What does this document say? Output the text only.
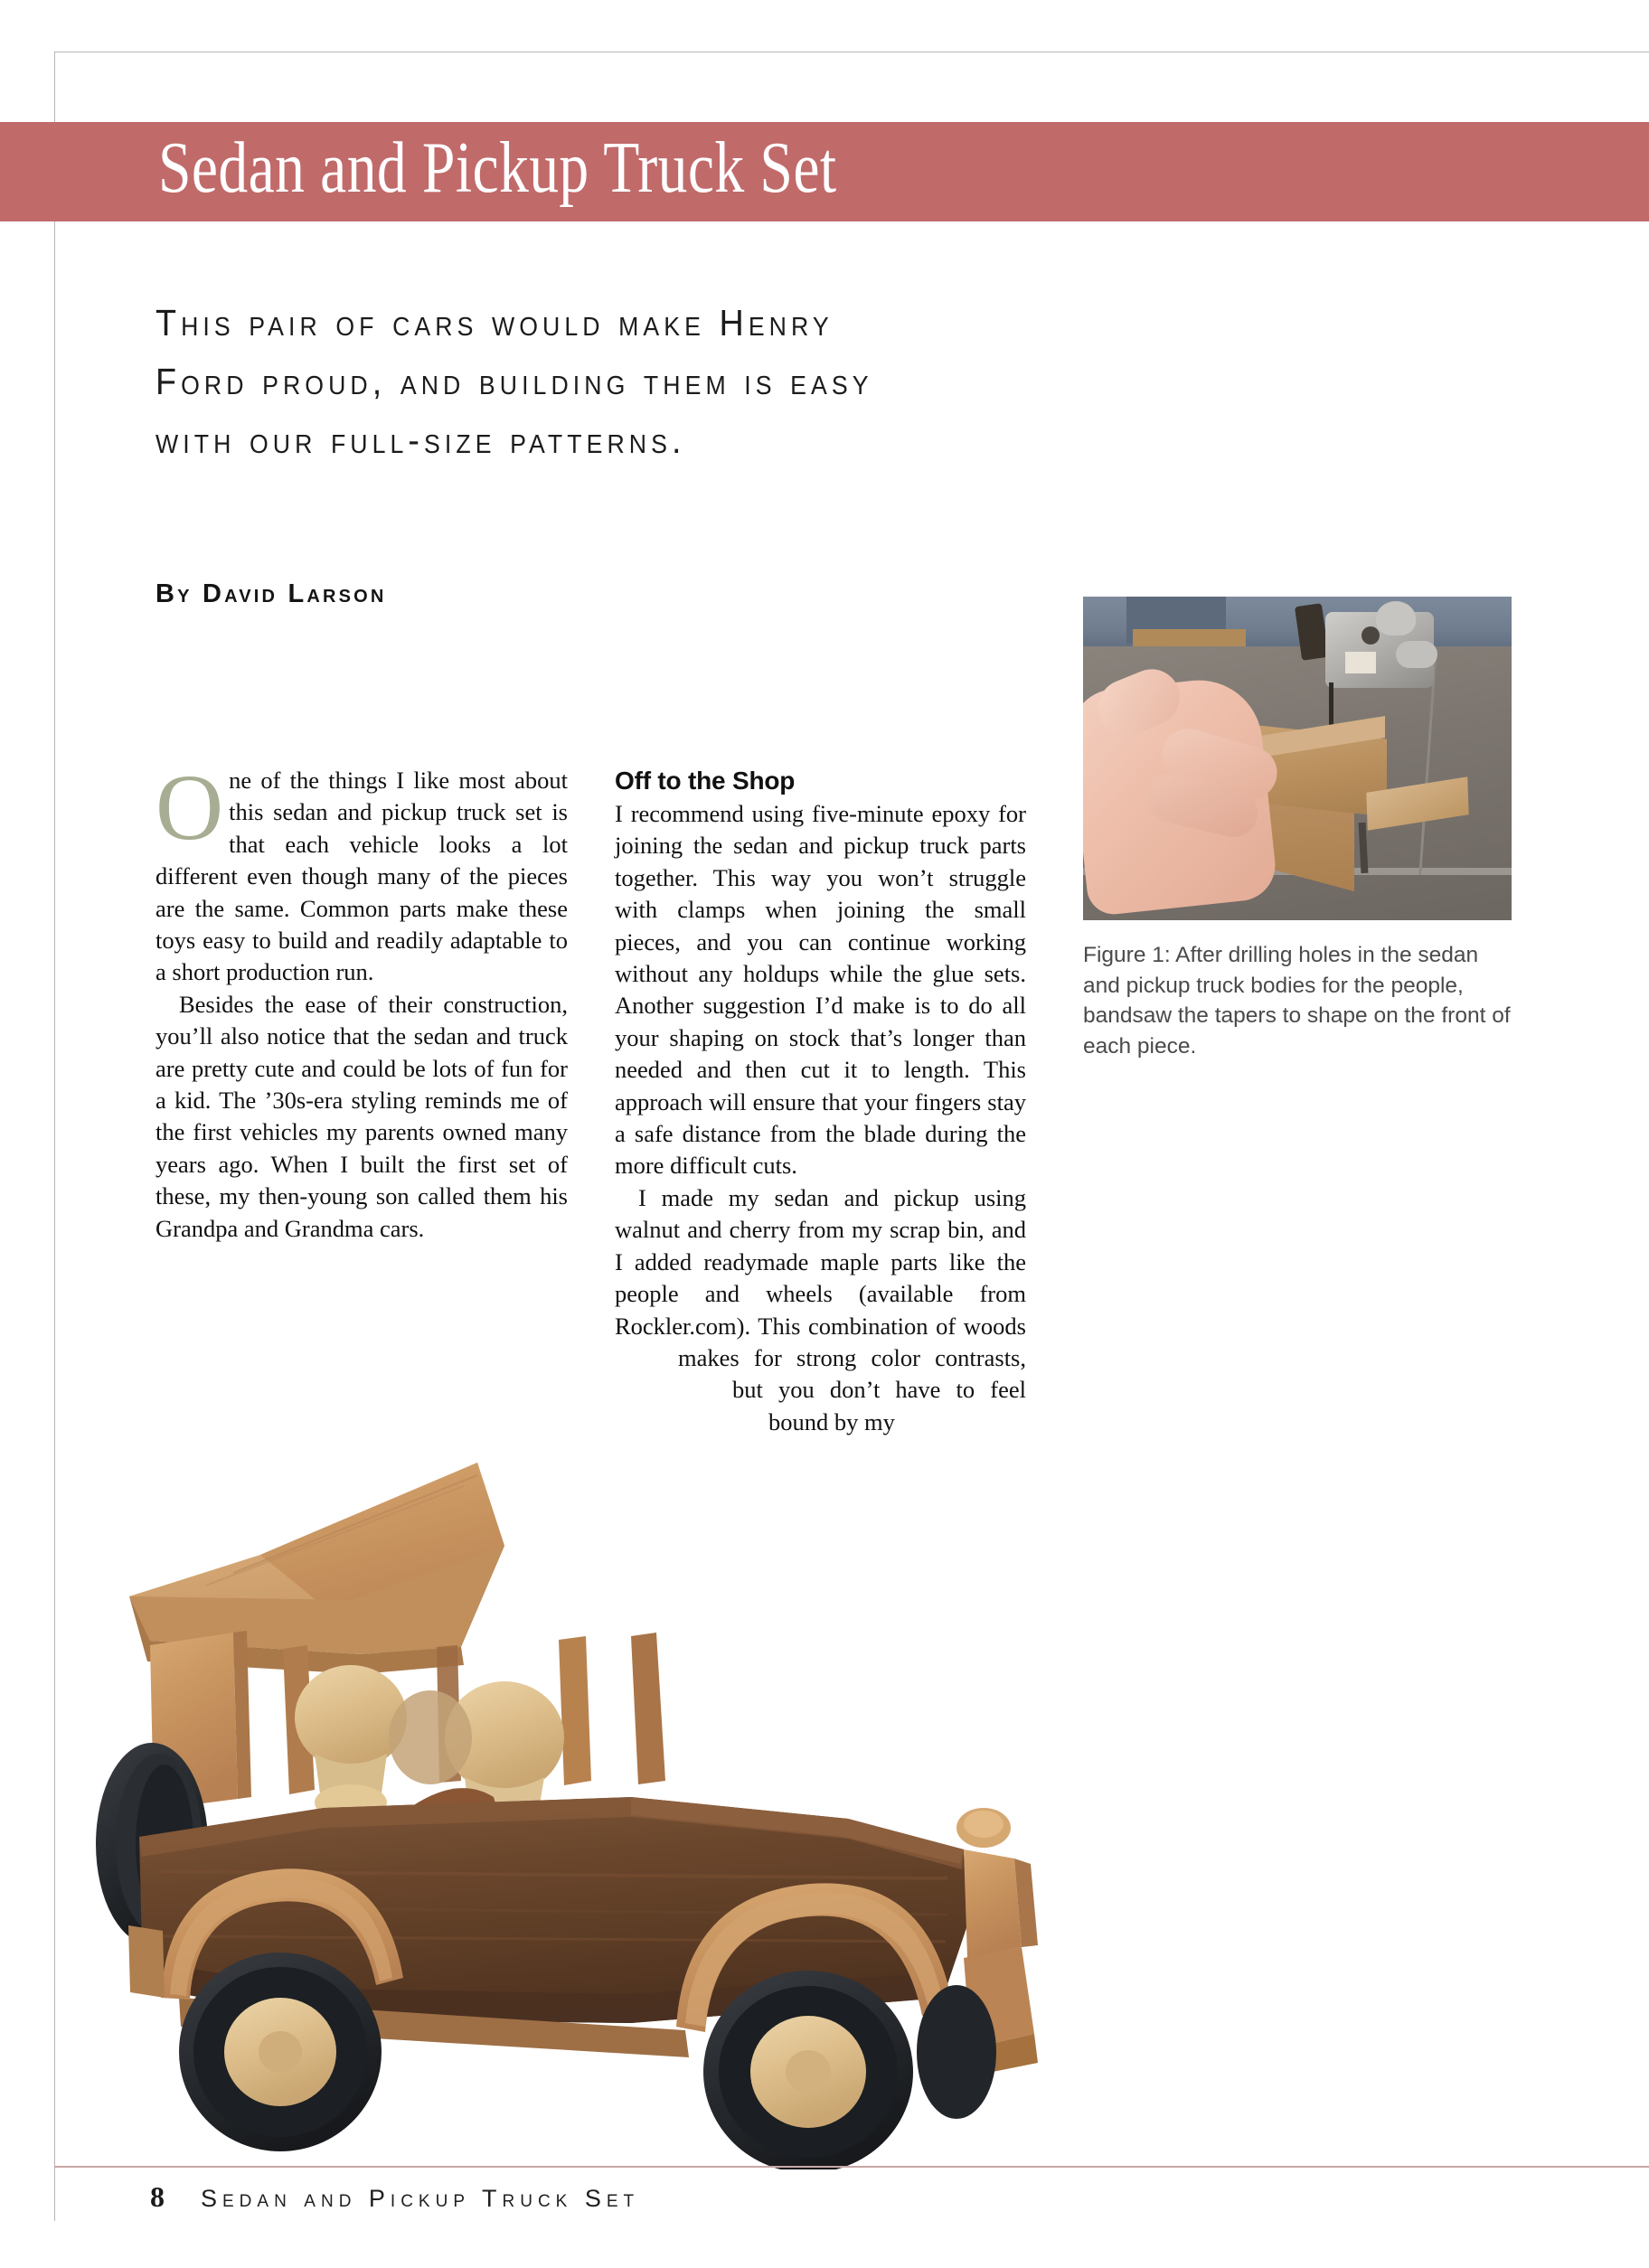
Sedan and Pickup Truck Set
This pair of cars would make Henry
Ford proud, and building them is easy
with our full-size patterns.
By David Larson

One of the things I like most about this sedan and pickup truck set is that each vehicle looks a lot different even though many of the pieces are the same. Common parts make these toys easy to build and readily adaptable to a short production run.

Besides the ease of their construction, you’ll also notice that the sedan and truck are pretty cute and could be lots of fun for a kid. The ’30s-era styling reminds me of the first vehicles my parents owned many years ago. When I built the first set of these, my then-young son called them his Grandpa and Grandma cars.

Off to the Shop

I recommend using five-minute epoxy for joining the sedan and pickup truck parts together. This way you won’t struggle with clamps when joining the small pieces, and you can continue working without any holdups while the glue sets. Another suggestion I’d make is to do all your shaping on stock that’s longer than needed and then cut it to length. This approach will ensure that your fingers stay a safe distance from the blade during the more difficult cuts.

I made my sedan and pickup using walnut and cherry from my scrap bin, and I added readymade maple parts like the people and wheels (available from Rockler.com). This combination of woods makes for strong color contrasts, but you don’t have to feel bound by my

Figure 1: After drilling holes in the sedan and pickup truck bodies for the people, bandsaw the tapers to shape on the front of each piece.
8 Sedan and Pickup Truck Set
